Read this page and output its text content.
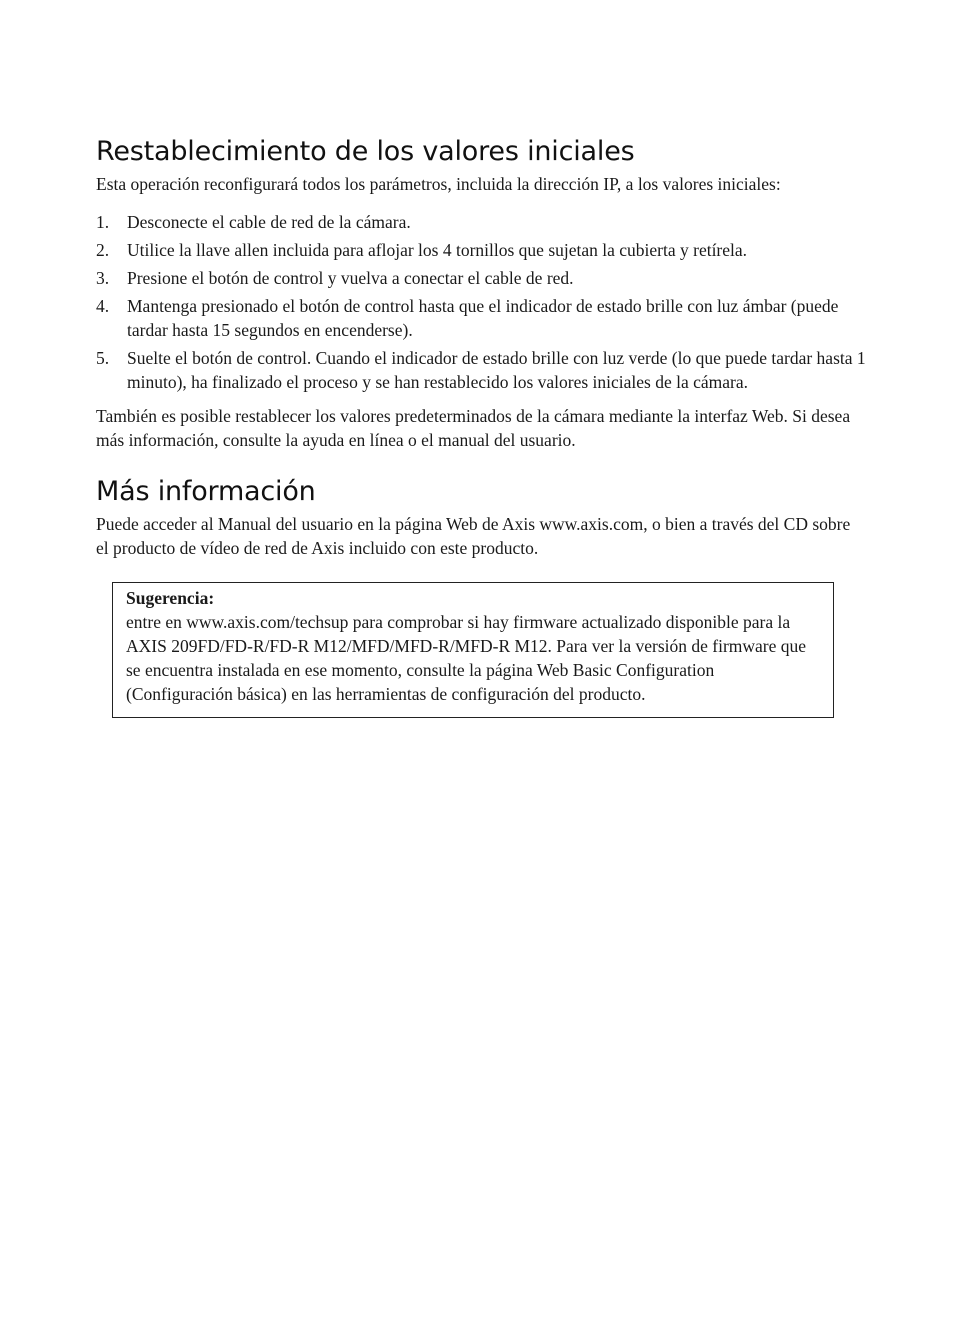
Restablecimiento de los valores iniciales

Esta operación reconfigurará todos los parámetros, incluida la dirección IP, a los valores iniciales:

1. Desconecte el cable de red de la cámara.
2. Utilice la llave allen incluida para aflojar los 4 tornillos que sujetan la cubierta y retírela.
3. Presione el botón de control y vuelva a conectar el cable de red.
4. Mantenga presionado el botón de control hasta que el indicador de estado brille con luz ámbar (puede tardar hasta 15 segundos en encenderse).
5. Suelte el botón de control. Cuando el indicador de estado brille con luz verde (lo que puede tardar hasta 1 minuto), ha finalizado el proceso y se han restablecido los valores iniciales de la cámara.

También es posible restablecer los valores predeterminados de la cámara mediante la interfaz Web. Si desea más información, consulte la ayuda en línea o el manual del usuario.

Más información

Puede acceder al Manual del usuario en la página Web de Axis www.axis.com, o bien a través del CD sobre el producto de vídeo de red de Axis incluido con este producto.

Sugerencia:
entre en www.axis.com/techsup para comprobar si hay firmware actualizado disponible para la AXIS 209FD/FD-R/FD-R M12/MFD/MFD-R/MFD-R M12. Para ver la versión de firmware que se encuentra instalada en ese momento, consulte la página Web Basic Configuration (Configuración básica) en las herramientas de configuración del producto.
